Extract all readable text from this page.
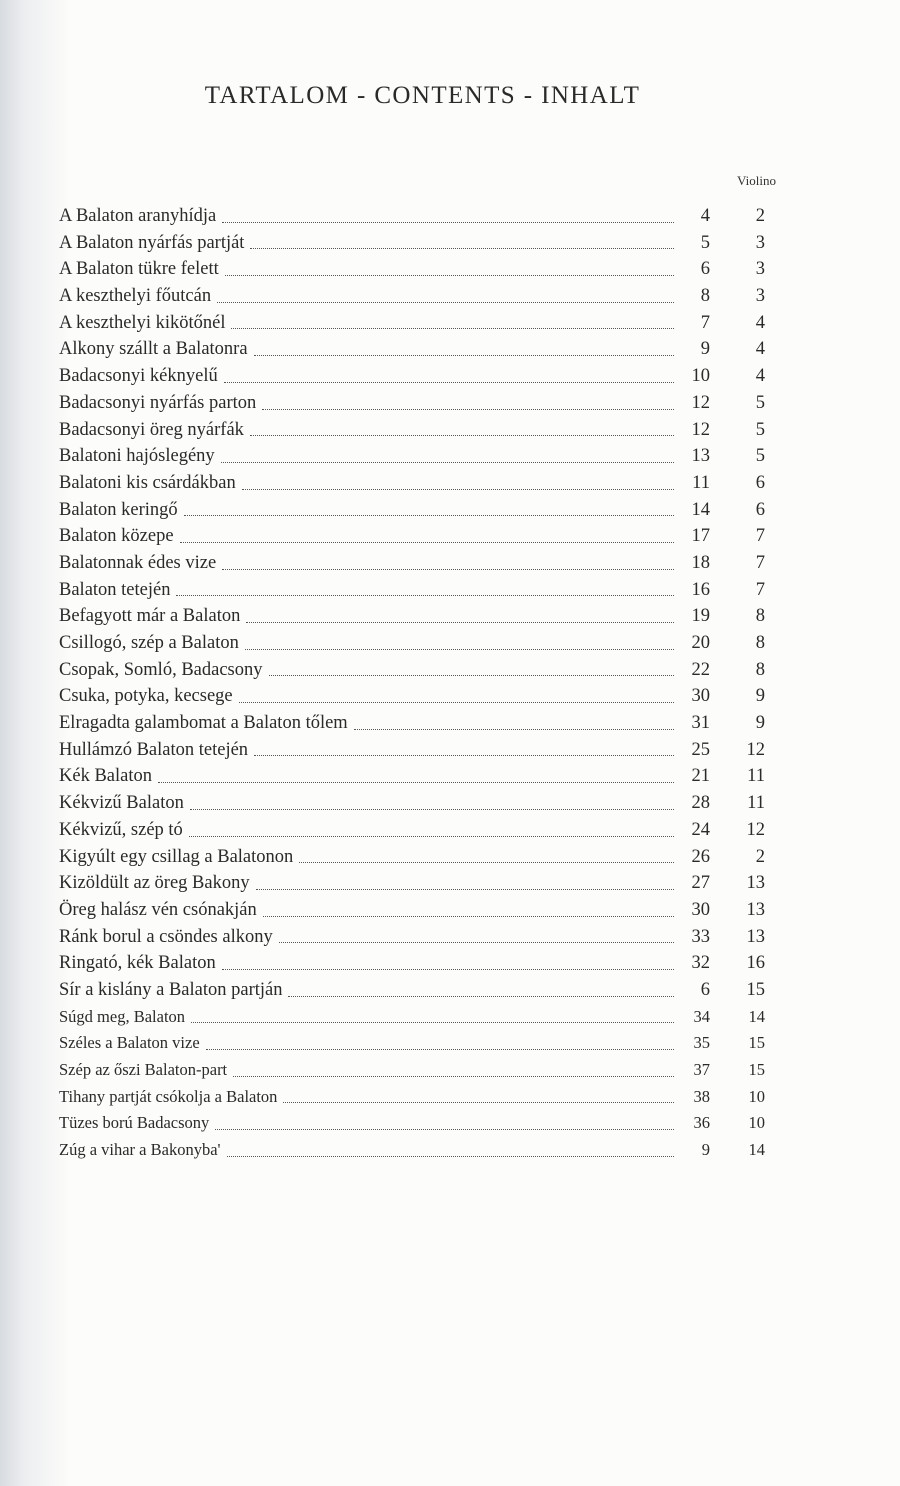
TARTALOM - CONTENTS - INHALT
Violino
A Balaton aranyhídja	4	2
A Balaton nyárfás partját	5	3
A Balaton tükre felett	6	3
A keszthelyi főutcán	8	3
A keszthelyi kikötőnél	7	4
Alkony szállt a Balatonra	9	4
Badacsonyi kéknyelű	10	4
Badacsonyi nyárfás parton	12	5
Badacsonyi öreg nyárfák	12	5
Balatoni hajóslegény	13	5
Balatoni kis csárdákban	11	6
Balaton keringő	14	6
Balaton közepe	17	7
Balatonnak édes vize	18	7
Balaton tetején	16	7
Befagyott már a Balaton	19	8
Csillogó, szép a Balaton	20	8
Csopak, Somló, Badacsony	22	8
Csuka, potyka, kecsege	30	9
Elragadta galambomat a Balaton tőlem	31	9
Hullámzó Balaton tetején	25	12
Kék Balaton	21	11
Kékvizű Balaton	28	11
Kékvizű, szép tó	24	12
Kigyúlt egy csillag a Balatonon	26	2
Kizöldült az öreg Bakony	27	13
Öreg halász vén csónakján	30	13
Ránk borul a csöndes alkony	33	13
Ringató, kék Balaton	32	16
Sír a kislány a Balaton partján	6	15
Súgd meg, Balaton	34	14
Széles a Balaton vize	35	15
Szép az őszi Balaton-part	37	15
Tihany partját csókolja a Balaton	38	10
Tüzes ború Badacsony	36	10
Zúg a vihar a Bakonyba'	9	14
